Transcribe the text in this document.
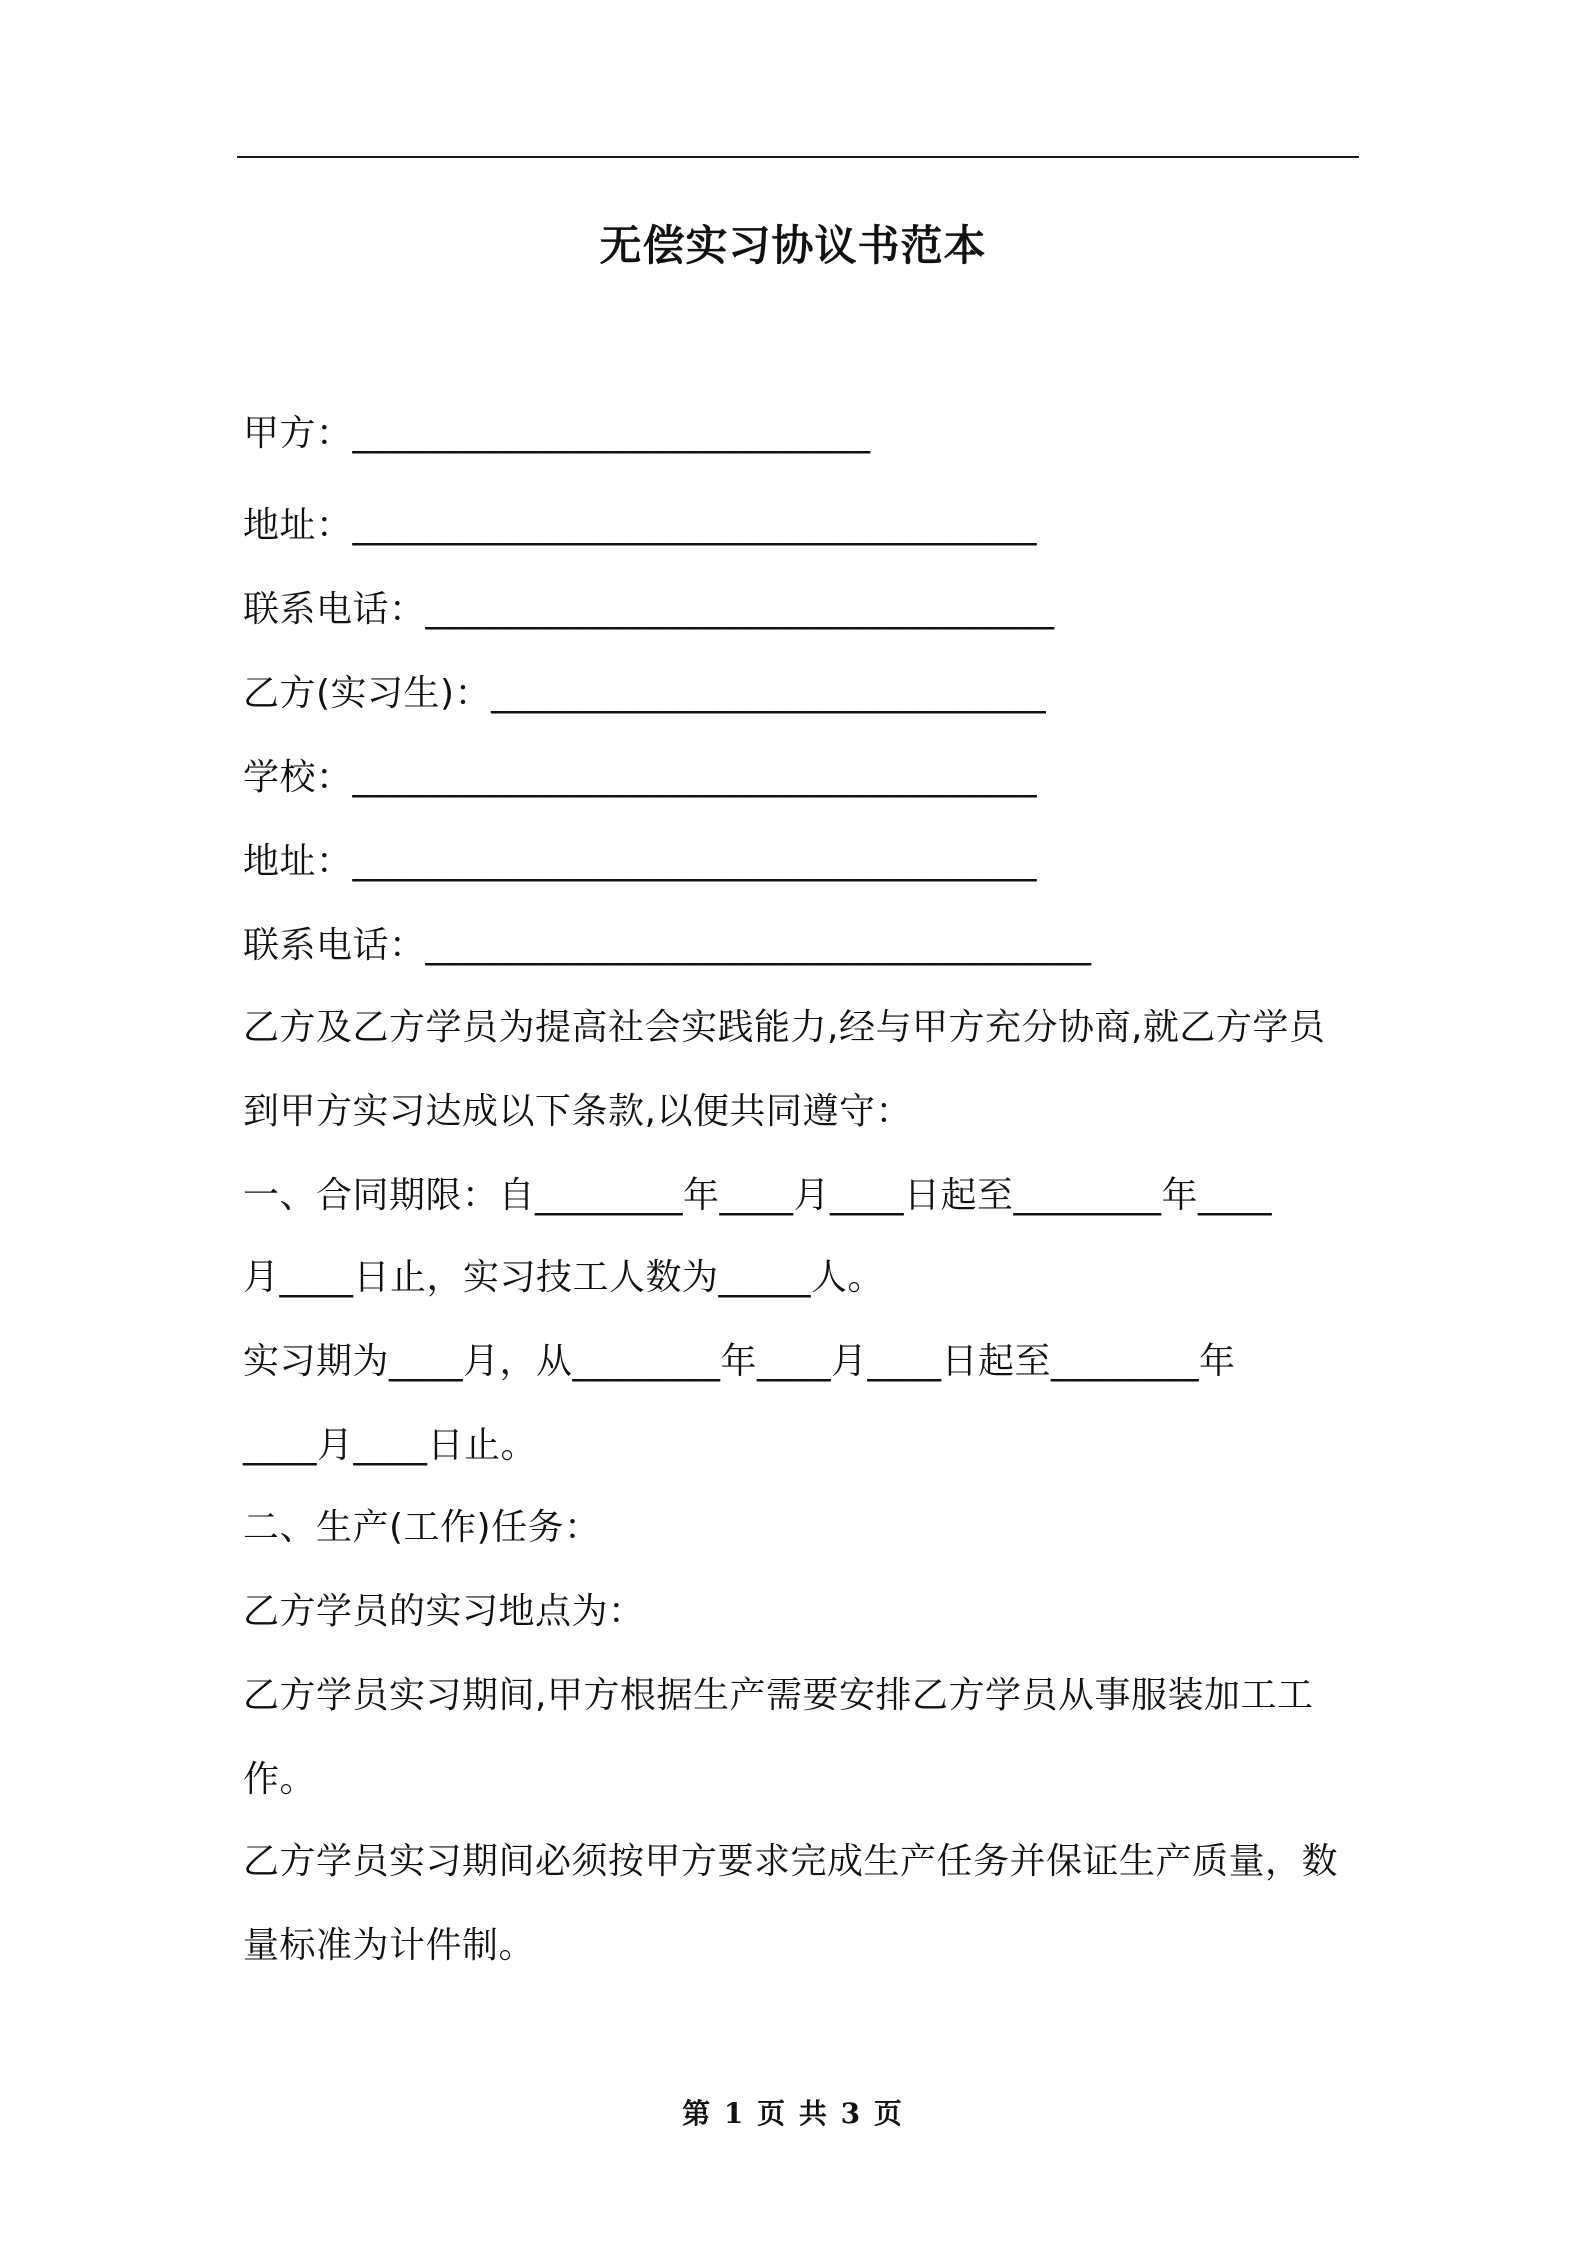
无偿实习协议书范本
甲方：____________________________
地址：_____________________________________
联系电话：__________________________________
乙方(实习生)：______________________________
学校：_____________________________________
地址：_____________________________________
联系电话：____________________________________
乙方及乙方学员为提高社会实践能力,经与甲方充分协商,就乙方学员
到甲方实习达成以下条款,以便共同遵守：
一、合同期限：自________年____月____日起至________年____
月____日止，实习技工人数为_____人。
实习期为____月，从________年____月____日起至________年
____月____日止。
二、生产(工作)任务：
乙方学员的实习地点为：
乙方学员实习期间,甲方根据生产需要安排乙方学员从事服装加工工
作。
乙方学员实习期间必须按甲方要求完成生产任务并保证生产质量，数
量标准为计件制。
第 1 页 共 3 页
